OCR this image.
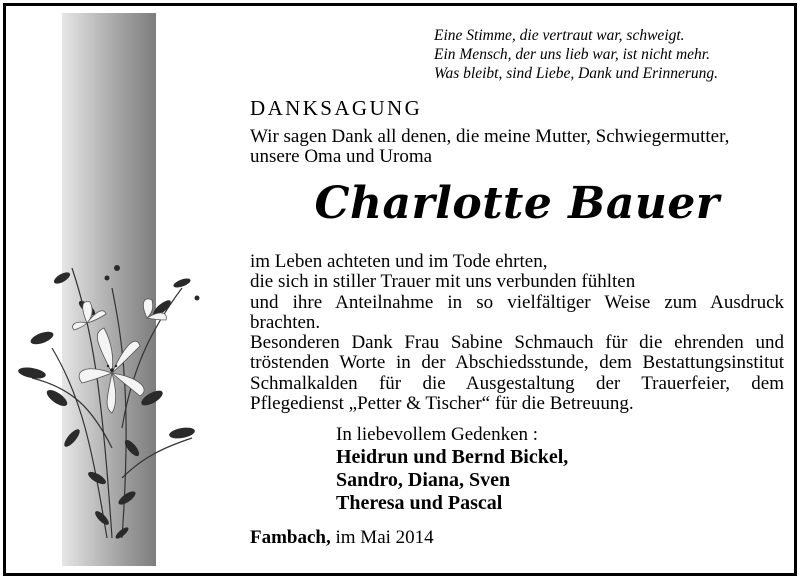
Eine Stimme, die vertraut war, schweigt.
Ein Mensch, der uns lieb war, ist nicht mehr.
Was bleibt, sind Liebe, Dank und Erinnerung.
DANKSAGUNG
Wir sagen Dank all denen, die meine Mutter, Schwiegermutter,
unsere Oma und Uroma
Charlotte Bauer
im Leben achteten und im Tode ehrten,
die sich in stiller Trauer mit uns verbunden fühlten
und ihre Anteilnahme in so vielfältiger Weise zum Ausdruck
brachten.
Besonderen Dank Frau Sabine Schmauch für die ehrenden und
tröstenden Worte in der Abschiedsstunde, dem Bestattungsinstitut
Schmalkalden für die Ausgestaltung der Trauerfeier, dem
Pflegedienst „Petter & Tischer“ für die Betreuung.
In liebevollem Gedenken :
Heidrun und Bernd Bickel,
Sandro, Diana, Sven
Theresa und Pascal
Fambach, im Mai 2014
